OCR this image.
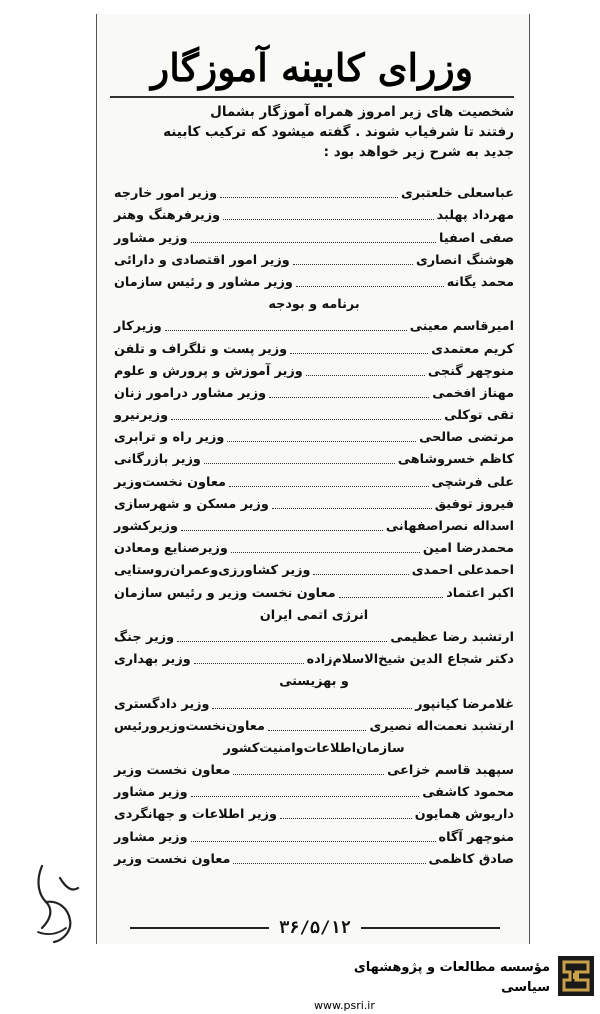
وزرای کابینه آموزگار
شخصیت های زیر امروز همراه آموزگار بشمال
رفتند تا شرفیاب شوند . گفته میشود که ترکیب کابینه
جدید به شرح زیر خواهد بود :
عباسعلی خلعتبری
وزیر امور خارجه
مهرداد پهلبد
وزیرفرهنگ وهنر
صفی اصفیا
وزیر مشاور
هوشنگ انصاری
وزیر امور اقتصادی و دارائی
محمد یگانه
وزیر مشاور و رئیس سازمان
برنامه و بودجه
امیرقاسم معینی
وزیرکار
کریم معتمدی
وزیر پست و تلگراف و تلفن
منوچهر گنجی
وزیر آموزش و پرورش و علوم
مهناز افخمی
وزیر مشاور درامور زنان
تقی توکلی
وزیرنیرو
مرتضی صالحی
وزیر راه و ترابری
کاظم خسروشاهی
وزیر بازرگانی
علی فرشچی
معاون نخست‌وزیر
فیروز توفیق
وزیر مسکن و شهرسازی
اسداله نصراصفهانی
وزیرکشور
محمدرضا امین
وزیرصنایع ومعادن
احمدعلی احمدی
وزیر کشاورزی‌وعمران‌روستایی
اکبر اعتماد
معاون نخست وزیر و رئیس سازمان
انرژی اتمی ایران
ارتشبد رضا عظیمی
وزیر جنگ
دکتر شجاع الدین شیخ‌الاسلام‌زاده
وزیر بهداری
و بهزیستی
غلامرضا کیانپور
وزیر دادگستری
ارتشبد نعمت‌اله نصیری
معاون‌نخست‌وزیرورئیس
سازمان‌اطلاعات‌وامنیت‌کشور
سپهبد قاسم خزاعی
معاون نخست وزیر
محمود کاشفی
وزیر مشاور
داریوش همایون
وزیر اطلاعات و جهانگردی
منوچهر آگاه
وزیر مشاور
صادق کاظمی
معاون نخست وزیر
۳۶/۵/۱۲
مؤسسه مطالعات و پژوهشهای سیاسی
www.psri.ir
